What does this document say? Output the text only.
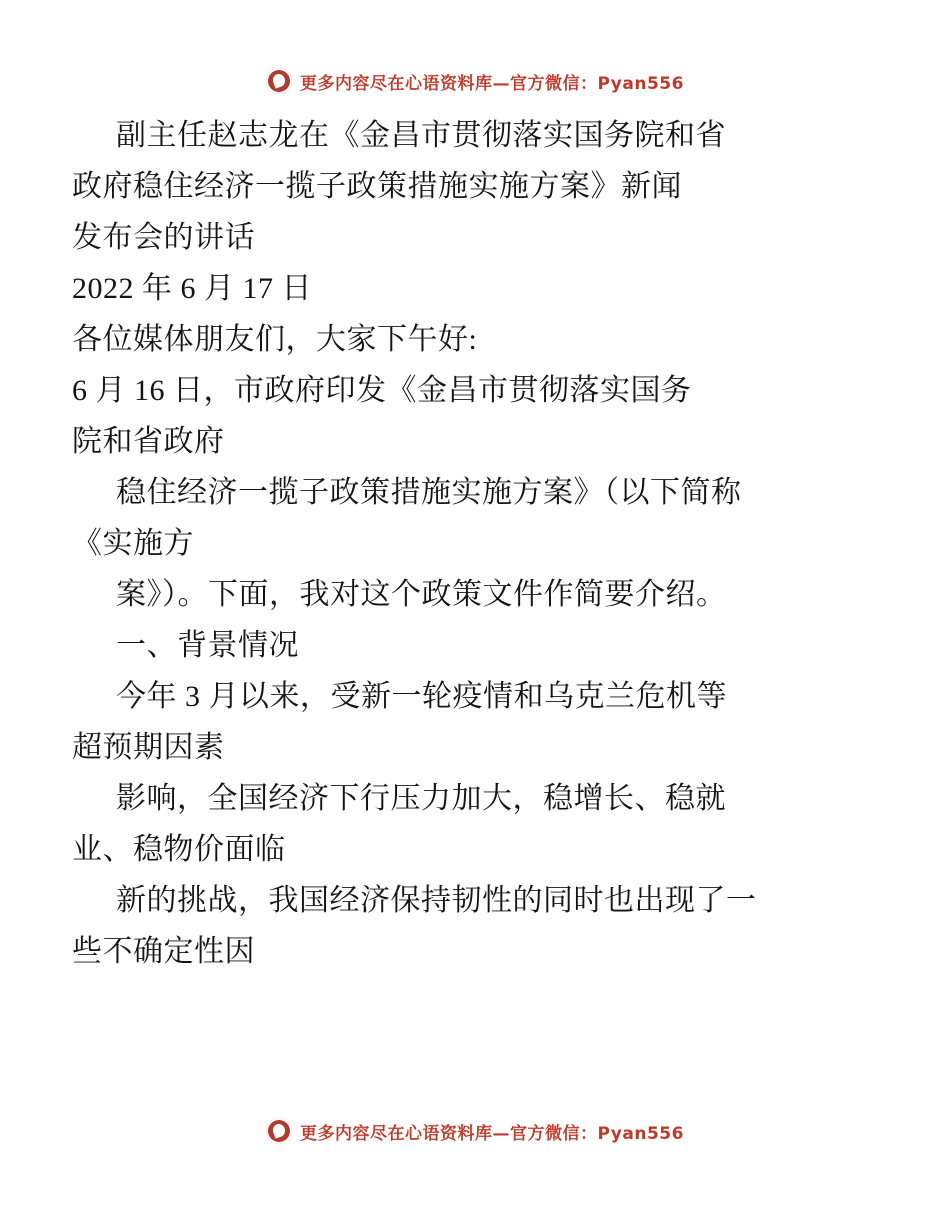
更多内容尽在心语资料库—官方微信：Pyan556
副主任赵志龙在《金昌市贯彻落实国务院和省
政府稳住经济一揽子政策措施实施方案》新闻
发布会的讲话
2022 年 6 月 17 日
各位媒体朋友们，大家下午好:
6 月 16 日，市政府印发《金昌市贯彻落实国务
院和省政府
稳住经济一揽子政策措施实施方案》（以下简称
《实施方
案》）。下面，我对这个政策文件作简要介绍。
一、背景情况
今年 3 月以来，受新一轮疫情和乌克兰危机等
超预期因素
影响，全国经济下行压力加大，稳增长、稳就
业、稳物价面临
新的挑战，我国经济保持韧性的同时也出现了一
些不确定性因
更多内容尽在心语资料库—官方微信：Pyan556
